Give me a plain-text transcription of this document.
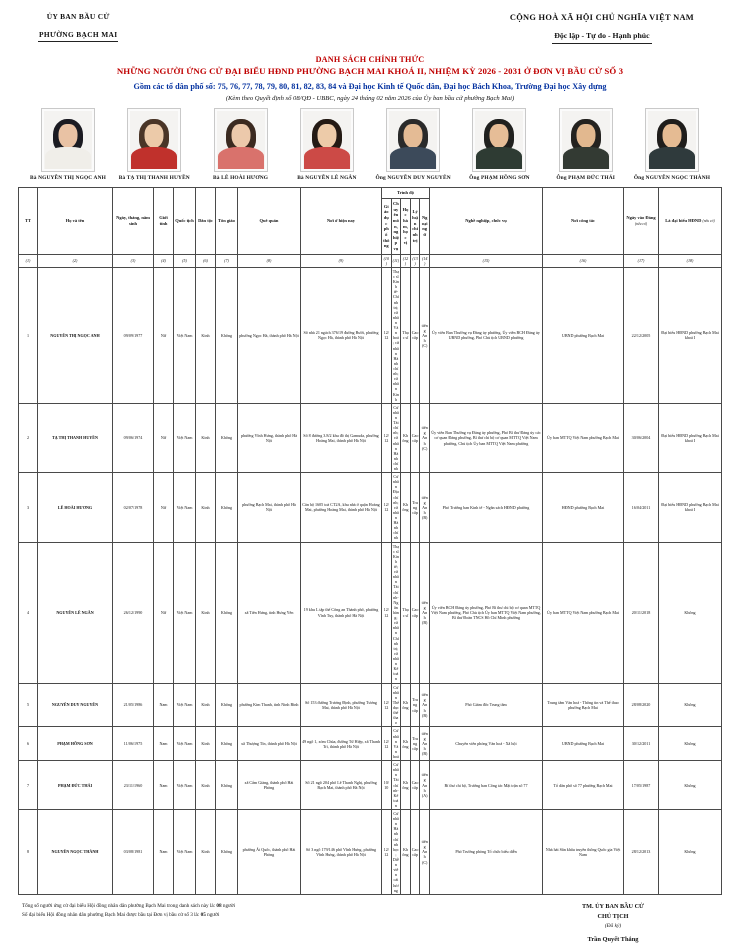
ỦY BAN BẦU CỬ
PHƯỜNG BẠCH MAI
CỘNG HOÀ XÃ HỘI CHỦ NGHĨA VIỆT NAM
Độc lập - Tự do - Hạnh phúc
DANH SÁCH CHÍNH THỨC
NHỮNG NGƯỜI ỨNG CỬ ĐẠI BIỂU HĐND PHƯỜNG BẠCH MAI KHOÁ II, NHIỆM KỲ 2026 - 2031 Ở ĐƠN VỊ BẦU CỬ SỐ 3
Gồm các tổ dân phố số: 75, 76, 77, 78, 79, 80, 81, 82, 83, 84 và Đại học Kinh tế Quốc dân, Đại học Bách Khoa, Trường Đại học Xây dựng
(Kèm theo Quyết định số 08/QĐ - UBBC, ngày 24 tháng 02 năm 2026 của Ủy ban bầu cử phường Bạch Mai)
Bà NGUYỄN THỊ NGỌC ANH	Bà TẠ THỊ THANH HUYỀN	Bà LÊ HOÀI HƯƠNG	Bà NGUYỄN LÊ NGÂN	Ông NGUYỄN DUY NGUYÊN	Ông PHẠM HỒNG SƠN	Ông PHẠM ĐỨC THÁI	Ông NGUYỄN NGỌC THÀNH
TT	Họ và tên	Ngày, tháng, năm sinh	Giới tính	Quốc tịch	Dân tộc	Tôn giáo	Quê quán	Nơi ở hiện nay	Trình độ					Nghề nghiệp, chức vụ	Nơi công tác	Ngày vào Đảng (nếu có)	Là đại biểu HĐND (nếu có)
									Giáo dục phổ thông	Chuyên môn, nghiệp vụ	Học hàm, học vị	Lý luận chính trị	Ngoại ngữ				
(1)	(2)	(3)	(4)	(5)	(6)	(7)	(8)	(9)	(10)	(11)	(12)	(13)	(14)	(15)	(16)	(17)	(18)
1	NGUYỄN THỊ NGỌC ANH	09/09/1977	Nữ	Việt Nam	Kinh	Không	phường Ngọc Hà, thành phố Hà Nội	Số nhà 21 ngách 376/19 đường Bưởi, phường Ngọc Hà, thành phố Hà Nội	12/12	Thạc sĩ Kinh tế-Chính trị; cử nhân Văn hoá; cử nhân Hành chính; cử nhân Kinh	Thạc sĩ	Cao cấp	tiếng Anh (C)	Ủy viên Ban Thường vụ Đảng ủy phường, Ủy viên BCH Đảng ủy UBND phường, Phó Chủ tịch UBND phường	UBND phường Bạch Mai	22/12/2005	Đại biểu HĐND phường Bạch Mai khoá I
2	TẠ THỊ THANH HUYỀN	09/06/1974	Nữ	Việt Nam	Kinh	Không	phường Vĩnh Hưng, thành phố Hà Nội	Số 8 đường 3.8/2 khu đô thị Gamuda, phường Hoàng Mai, thành phố Hà Nội	12/12	Cử nhân Tài chính; cử nhân Hành chính	Không	Cao cấp	tiếng Anh (C)	Ủy viên Ban Thường vụ Đảng ủy phường, Phó Bí thư Đảng ủy các cơ quan Đảng phường, Bí thư chi bộ cơ quan MTTQ Việt Nam phường, Chủ tịch Ủy ban MTTQ Việt Nam phường	Ủy ban MTTQ Việt Nam phường Bạch Mai	30/06/2004	Đại biểu HĐND phường Bạch Mai khoá I
3	LÊ HOÀI HƯƠNG	02/07/1978	Nữ	Việt Nam	Kinh	Không	phường Bạch Mai, thành phố Hà Nội	Căn hộ 1605 toà CT2A, khu nhà ở quận Hoàng Mai, phường Hoàng Mai, thành phố Hà Nội	12/12	Cử nhân Địa chính; cử nhân Hành chính	Không	Trung cấp	tiếng Anh (B)	Phó Trưởng ban Kinh tế - Ngân sách HĐND phường	HĐND phường Bạch Mai	16/04/2011	Đại biểu HĐND phường Bạch Mai khoá I
4	NGUYỄN LÊ NGÂN	26/12/1990	Nữ	Việt Nam	Kinh	Không	xã Tiên Hưng, tỉnh Hưng Yên	19 khu L tập thể Công an Thành phố, phường Vĩnh Tuy, thành phố Hà Nội	12/12	Thạc sĩ Kinh tế; cử nhân Tài chính-Ngân hàng; cử nhân Chính trị; cử nhân Kế toán	Thạc sĩ	Cao cấp	tiếng Anh (B)	Ủy viên BCH Đảng ủy phường, Phó Bí thư chi bộ cơ quan MTTQ Việt Nam phường, Phó Chủ tịch Ủy ban MTTQ Việt Nam phường, Bí thư Đoàn TNCS Hồ Chí Minh phường	Ủy ban MTTQ Việt Nam phường Bạch Mai	20/11/2018	Không
5	NGUYỄN DUY NGUYÊN	21/05/1986	Nam	Việt Nam	Kinh	Không	phường Kim Thanh, tỉnh Ninh Bình	Số 153 đường Trương Định, phường Tương Mai, thành phố Hà Nội	12/12	Cử nhân Thể dục thể thao	Không	Trung cấp	tiếng Anh (B)	Phó Giám đốc Trung tâm	Trung tâm Văn hoá - Thông tin và Thể thao phường Bạch Mai	28/08/2020	Không
6	PHẠM HỒNG SƠN	11/06/1975	Nam	Việt Nam	Kinh	Không	xã Thượng Tín, thành phố Hà Nội	49 ngõ 1, xóm Chùa, đường Tứ Hiệp, xã Thanh Trì, thành phố Hà Nội	12/12	Cử nhân Văn hoá	Không	Trung cấp	tiếng Anh (B)	Chuyên viên phòng Văn hoá - Xã hội	UBND phường Bạch Mai	30/12/2011	Không
7	PHẠM ĐỨC THÁI	23/11/1960	Nam	Việt Nam	Kinh	Không	xã Cẩm Giàng, thành phố Hải Phòng	Số 21 ngõ 204 phố Lê Thanh Nghị, phường Bạch Mai, thành phố Hà Nội	10/10	Cử nhân Tài chính-Kế toán	Không	Cao cấp	tiếng Anh (A)	Bí thư chi bộ, Trưởng ban Công tác Mặt trận số 77	Tổ dân phố số 77 phường Bạch Mai	17/05/1987	Không
8	NGUYỄN NGỌC THÀNH	03/08/1981	Nam	Việt Nam	Kinh	Không	phường Ái Quốc, thành phố Hải Phòng	Số 3 ngõ 179/146 phố Vĩnh Hưng, phường Vĩnh Hưng, thành phố Hà Nội	12/12	Cử nhân Hành chính học; Diễn viên cải lương	Không	Cao cấp	tiếng Anh (C)	Phó Trưởng phòng Tổ chức biểu diễn	Nhà hát Sân khấu truyền thống Quốc gia Việt Nam	28/12/2013	Không
Tổng số người ứng cử đại biểu Hội đồng nhân dân phường Bạch Mai trong danh sách này là: 08 người
Số đại biểu Hội đồng nhân dân phường Bạch Mai được bầu tại Đơn vị bầu cử số 3 là: 05 người
TM. ỦY BAN BẦU CỬ
CHỦ TỊCH
(Đã ký)
Trần Quyết Thắng
